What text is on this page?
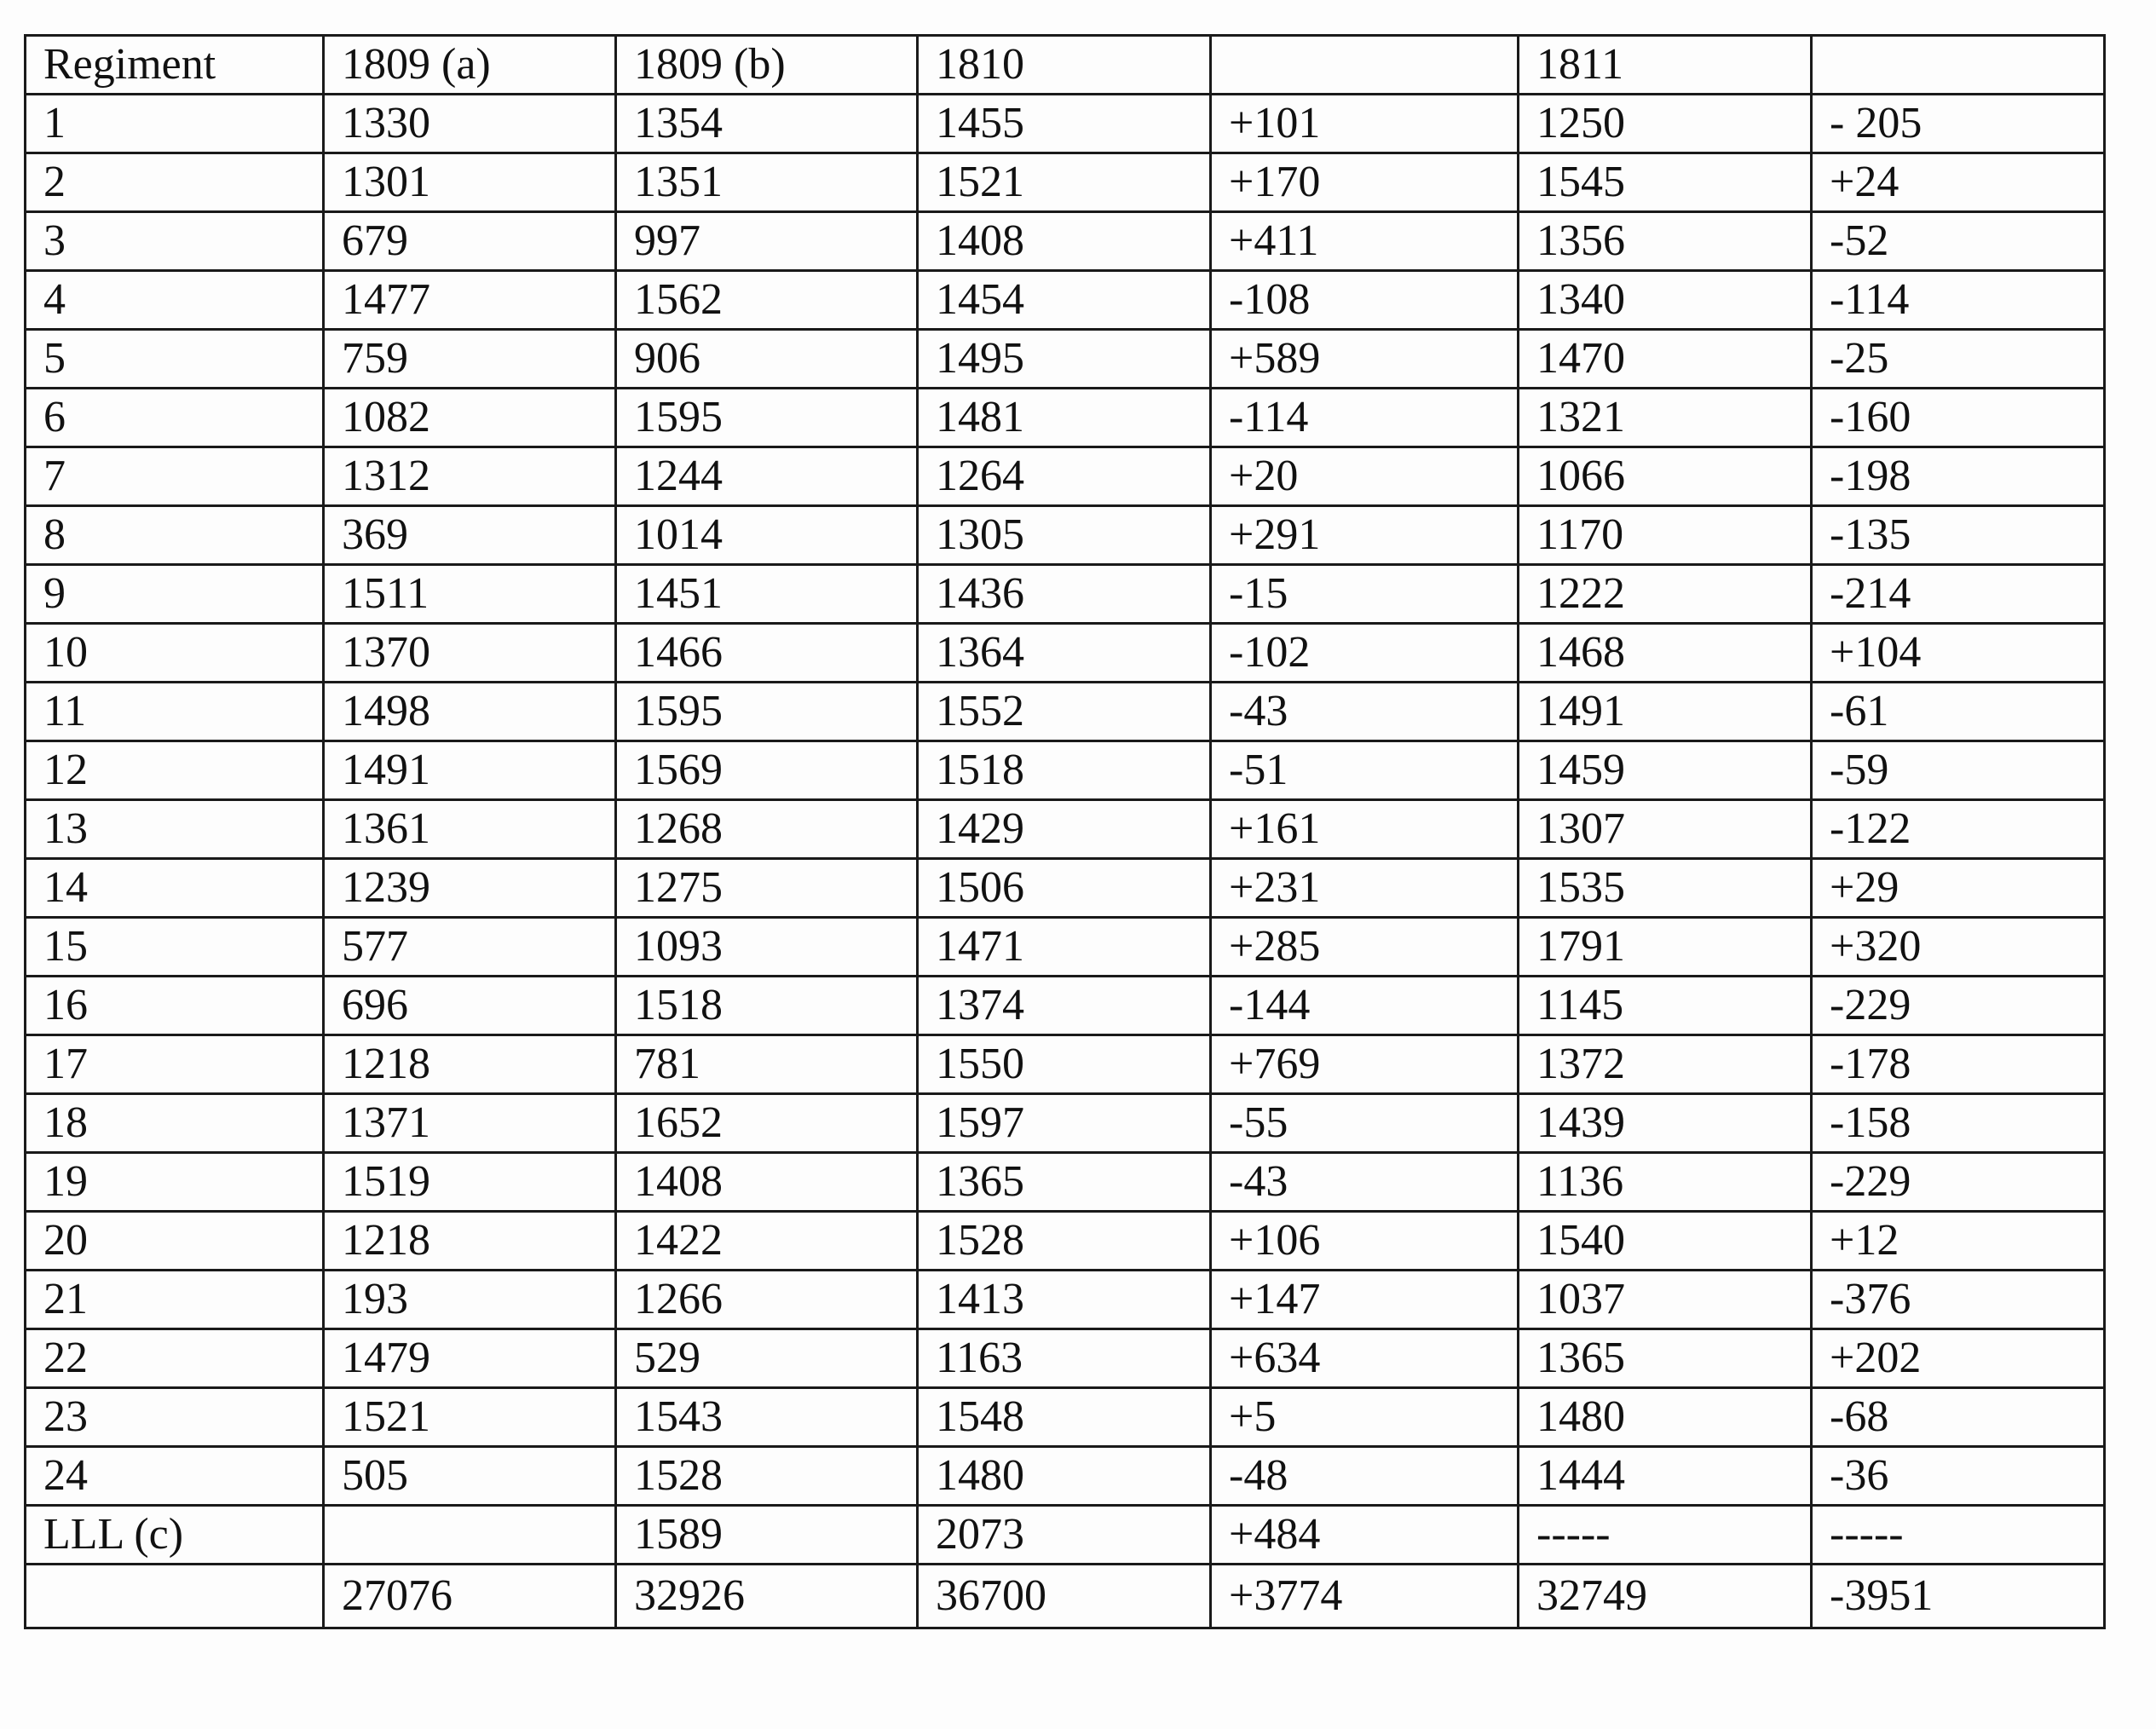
Regiment	1809 (a)	1809 (b)	1810		1811	
1	1330	1354	1455	+101	1250	- 205
2	1301	1351	1521	+170	1545	+24
3	679	997	1408	+411	1356	-52
4	1477	1562	1454	-108	1340	-114
5	759	906	1495	+589	1470	-25
6	1082	1595	1481	-114	1321	-160
7	1312	1244	1264	+20	1066	-198
8	369	1014	1305	+291	1170	-135
9	1511	1451	1436	-15	1222	-214
10	1370	1466	1364	-102	1468	+104
11	1498	1595	1552	-43	1491	-61
12	1491	1569	1518	-51	1459	-59
13	1361	1268	1429	+161	1307	-122
14	1239	1275	1506	+231	1535	+29
15	577	1093	1471	+285	1791	+320
16	696	1518	1374	-144	1145	-229
17	1218	781	1550	+769	1372	-178
18	1371	1652	1597	-55	1439	-158
19	1519	1408	1365	-43	1136	-229
20	1218	1422	1528	+106	1540	+12
21	193	1266	1413	+147	1037	-376
22	1479	529	1163	+634	1365	+202
23	1521	1543	1548	+5	1480	-68
24	505	1528	1480	-48	1444	-36
LLL (c)		1589	2073	+484	-----	-----
	27076	32926	36700	+3774	32749	-3951
